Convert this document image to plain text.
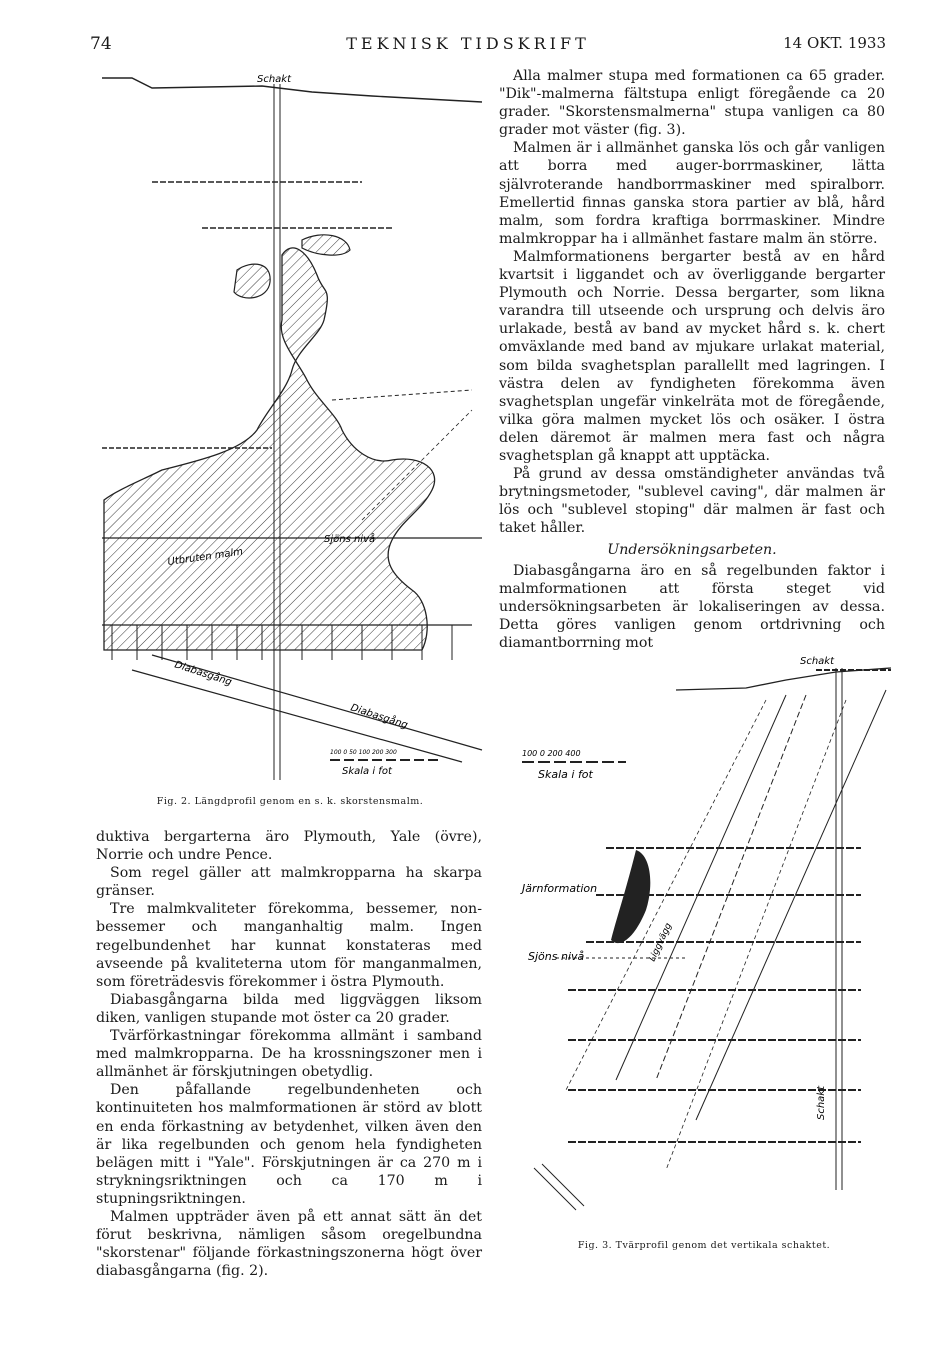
74	TEKNISK TIDSKRIFT	14 OKT. 1933
Schakt
Sjöns nivå
Utbruten malm
Diabasgång
Diabasgång
100 0 50 100 200 300
Skala i fot
Fig. 2. Längdprofil genom en s. k. skorstensmalm.

Alla malmer stupa med formationen ca 65 grader. "Dik"-malmerna fältstupa enligt föregående ca 20 grader. "Skorstensmalmerna" stupa vanligen ca 80 grader mot väster (fig. 3).

Malmen är i allmänhet ganska lös och går vanligen att borra med auger-borrmaskiner, lätta självroterande handborrmaskiner med spiralborr. Emellertid finnas ganska stora partier av blå, hård malm, som fordra kraftiga borrmaskiner. Mindre malmkroppar ha i allmänhet fastare malm än större.

Malmformationens bergarter bestå av en hård kvartsit i liggandet och av överliggande bergarter Plymouth och Norrie. Dessa bergarter, som likna varandra till utseende och ursprung och delvis äro urlakade, bestå av band av mycket hård s. k. chert omväxlande med band av mjukare urlakat material, som bilda svaghetsplan parallellt med lagringen. I västra delen av fyndigheten förekomma även svaghetsplan ungefär vinkelräta mot de föregående, vilka göra malmen mycket lös och osäker. I östra delen däremot är malmen mera fast och några svaghetsplan gå knappt att upptäcka.

På grund av dessa omständigheter användas två brytningsmetoder, "sublevel caving", där malmen är lös och "sublevel stoping" där malmen är fast och taket håller.

Undersökningsarbeten.

Diabasgångarna äro en så regelbunden faktor i malmformationen att första steget vid undersökningsarbeten är lokaliseringen av dessa. Detta göres vanligen genom ortdrivning och diamantborrning mot

Schakt
100 0 200 400
Skala i fot
Järnformation
Sjöns nivå	Liggvägg
Schakt
Fig. 3. Tvärprofil genom det vertikala schaktet.

duktiva bergarterna äro Plymouth, Yale (övre), Norrie och undre Pence.

Som regel gäller att malmkropparna ha skarpa gränser.

Tre malmkvaliteter förekomma, bessemer, non-bessemer och manganhaltig malm. Ingen regelbundenhet har kunnat konstateras med avseende på kvaliteterna utom för manganmalmen, som företrädesvis förekommer i östra Plymouth.

Diabasgångarna bilda med liggväggen liksom diken, vanligen stupande mot öster ca 20 grader.

Tvärförkastningar förekomma allmänt i samband med malmkropparna. De ha krossningszoner men i allmänhet är förskjutningen obetydlig.

Den påfallande regelbundenheten och kontinuiteten hos malmformationen är störd av blott en enda förkastning av betydenhet, vilken även den är lika regelbunden och genom hela fyndigheten belägen mitt i "Yale". Förskjutningen är ca 270 m i strykningsriktningen och ca 170 m i stupningsriktningen.

Malmen uppträder även på ett annat sätt än det förut beskrivna, nämligen såsom oregelbundna "skorstenar" följande förkastningszonerna högt över diabasgångarna (fig. 2).
